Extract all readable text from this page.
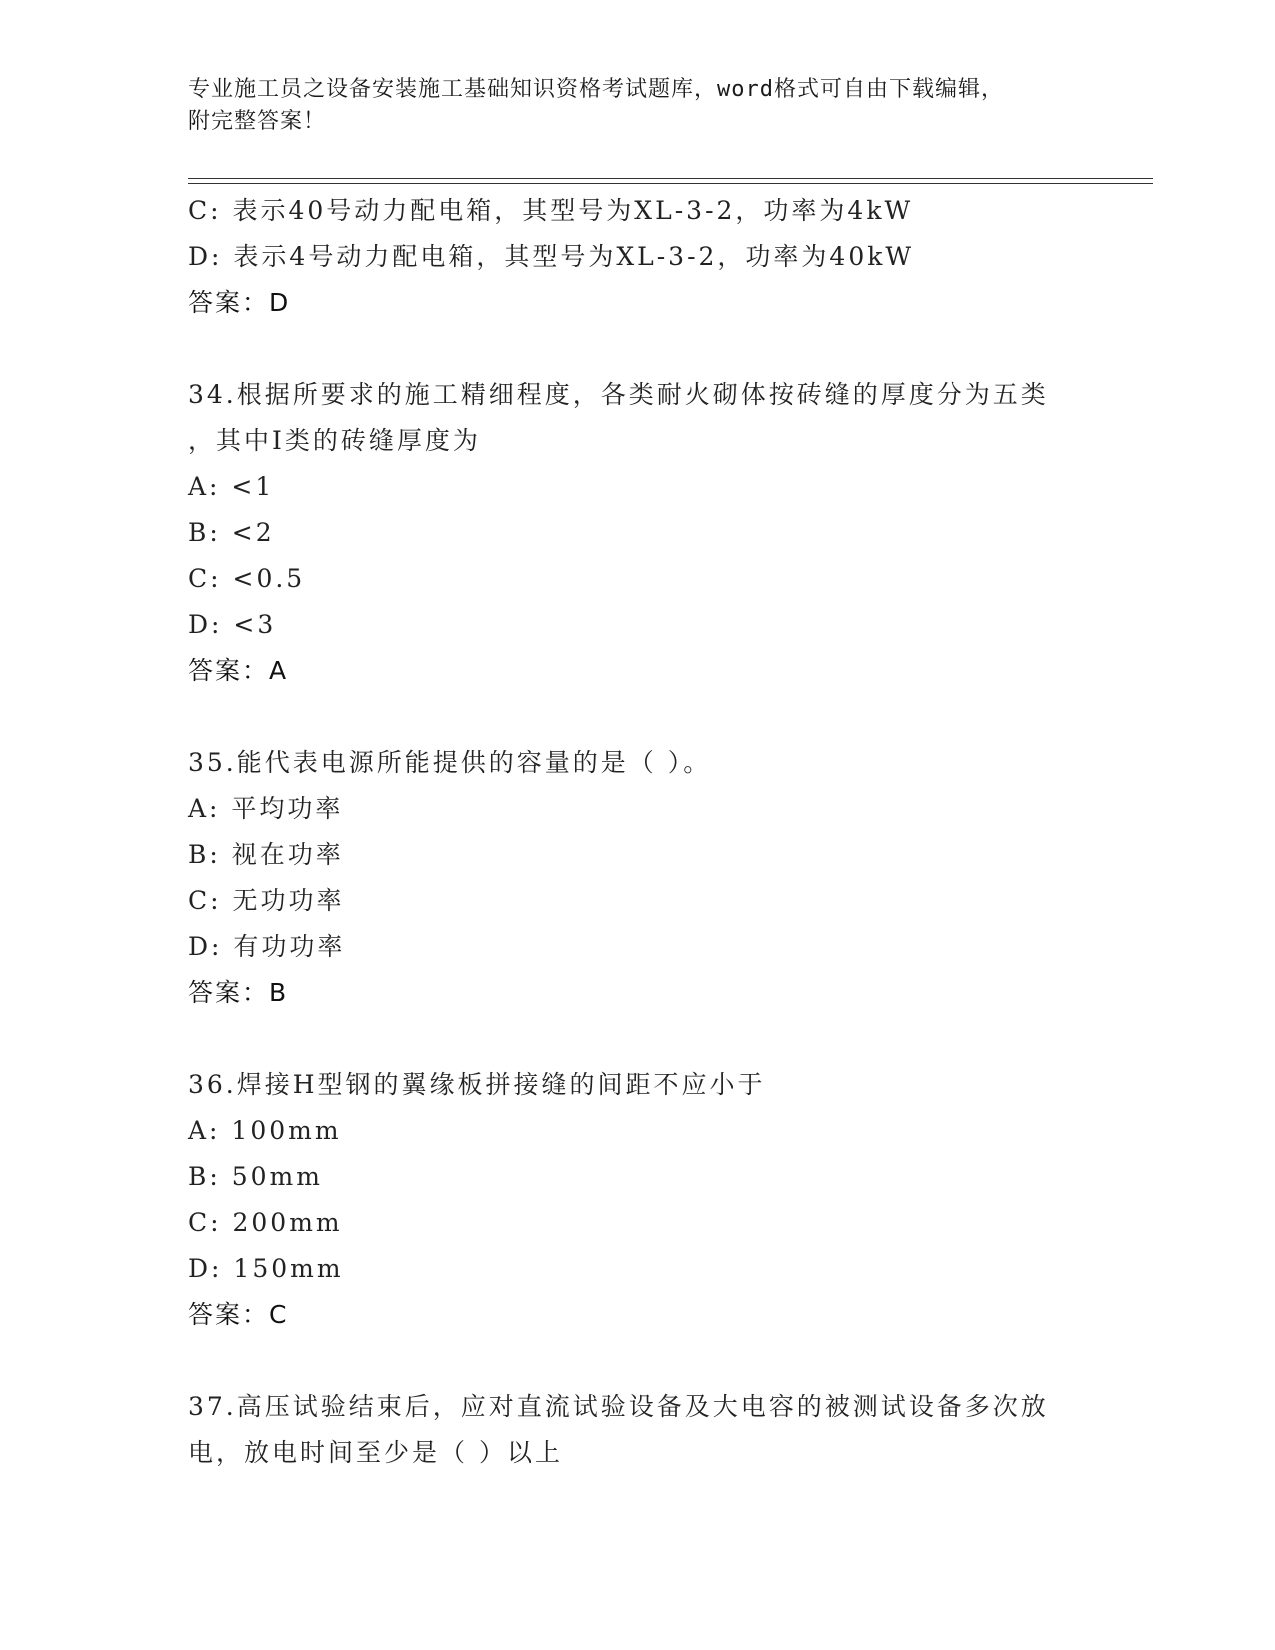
专业施工员之设备安装施工基础知识资格考试题库，word格式可自由下载编辑，
附完整答案！
C: 表示40号动力配电箱，其型号为XL-3-2，功率为4kW
D: 表示4号动力配电箱，其型号为XL-3-2，功率为40kW
答案：D
34.根据所要求的施工精细程度，各类耐火砌体按砖缝的厚度分为五类
，其中I类的砖缝厚度为
A: <1
B: <2
C: <0.5
D: <3
答案：A
35.能代表电源所能提供的容量的是（ ）。
A: 平均功率
B: 视在功率
C: 无功功率
D: 有功功率
答案：B
36.焊接H型钢的翼缘板拼接缝的间距不应小于
A: 100mm
B: 50mm
C: 200mm
D: 150mm
答案：C
37.高压试验结束后，应对直流试验设备及大电容的被测试设备多次放
电，放电时间至少是（ ）以上
